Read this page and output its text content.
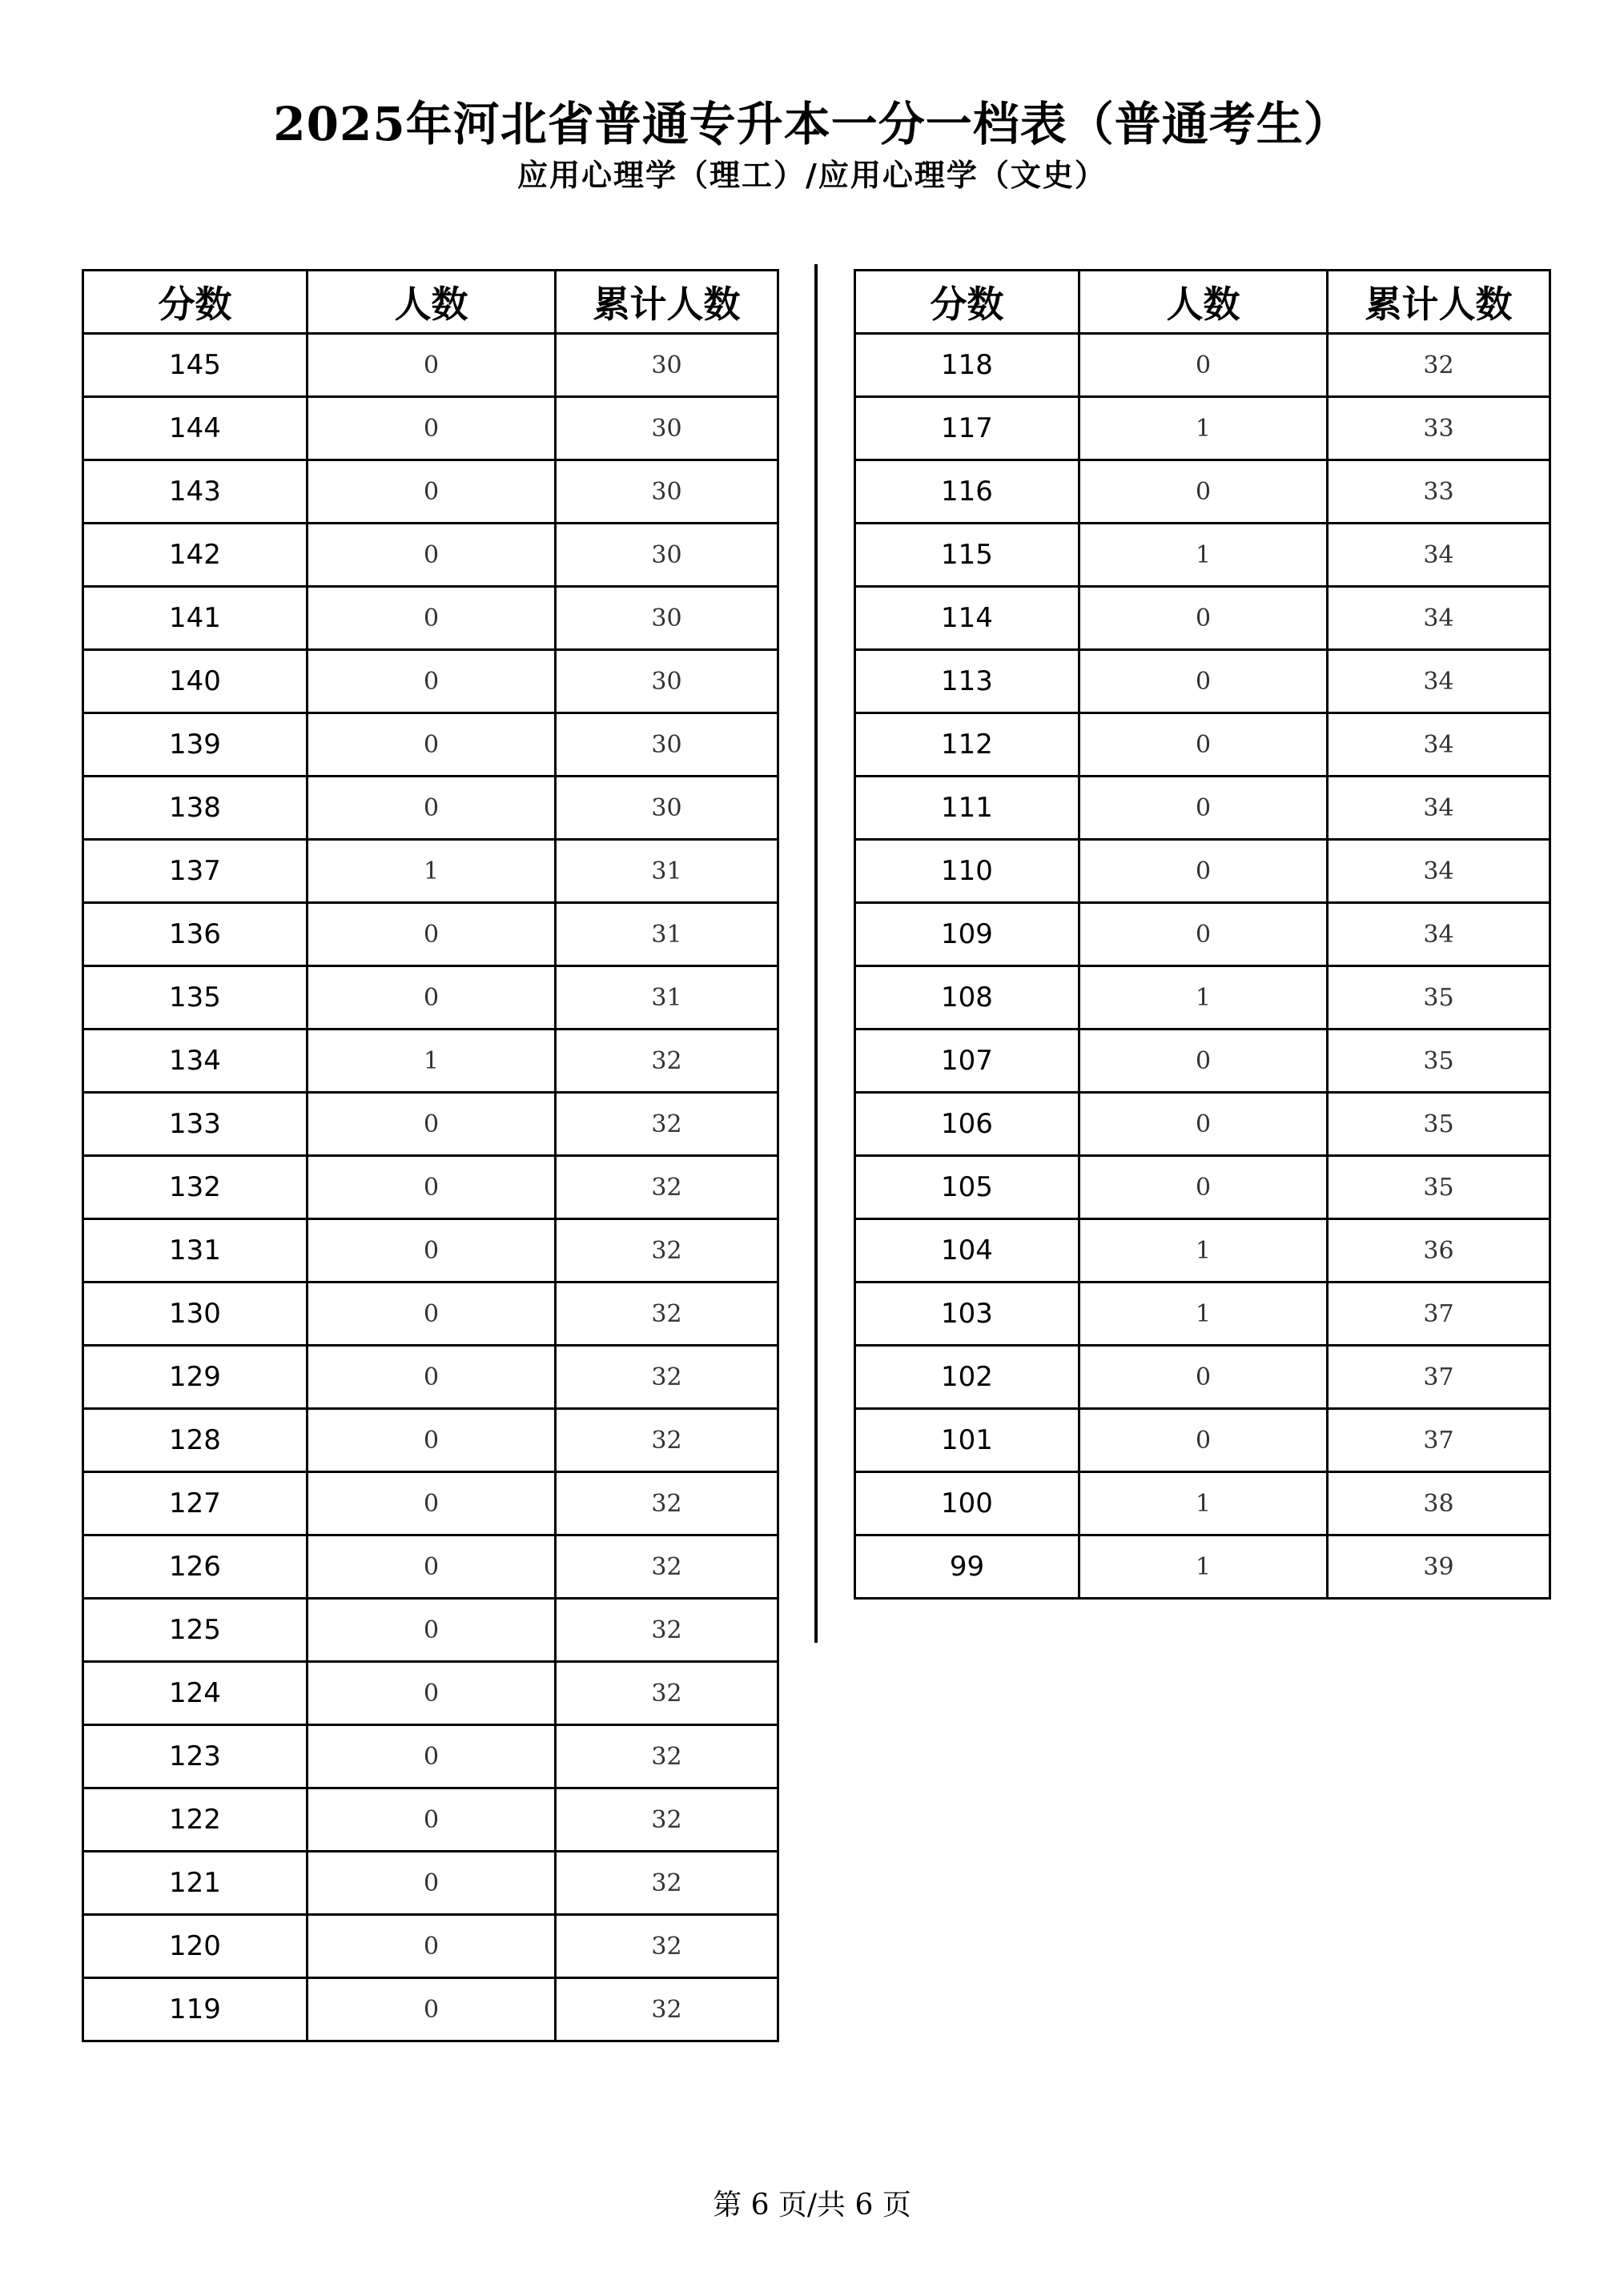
2025年河北省普通专升本一分一档表（普通考生）
应用心理学（理工）/应用心理学（文史）
分数	人数	累计人数
145	0	30
144	0	30
143	0	30
142	0	30
141	0	30
140	0	30
139	0	30
138	0	30
137	1	31
136	0	31
135	0	31
134	1	32
133	0	32
132	0	32
131	0	32
130	0	32
129	0	32
128	0	32
127	0	32
126	0	32
125	0	32
124	0	32
123	0	32
122	0	32
121	0	32
120	0	32
119	0	32
分数	人数	累计人数
118	0	32
117	1	33
116	0	33
115	1	34
114	0	34
113	0	34
112	0	34
111	0	34
110	0	34
109	0	34
108	1	35
107	0	35
106	0	35
105	0	35
104	1	36
103	1	37
102	0	37
101	0	37
100	1	38
99	1	39
第 6 页/共 6 页
